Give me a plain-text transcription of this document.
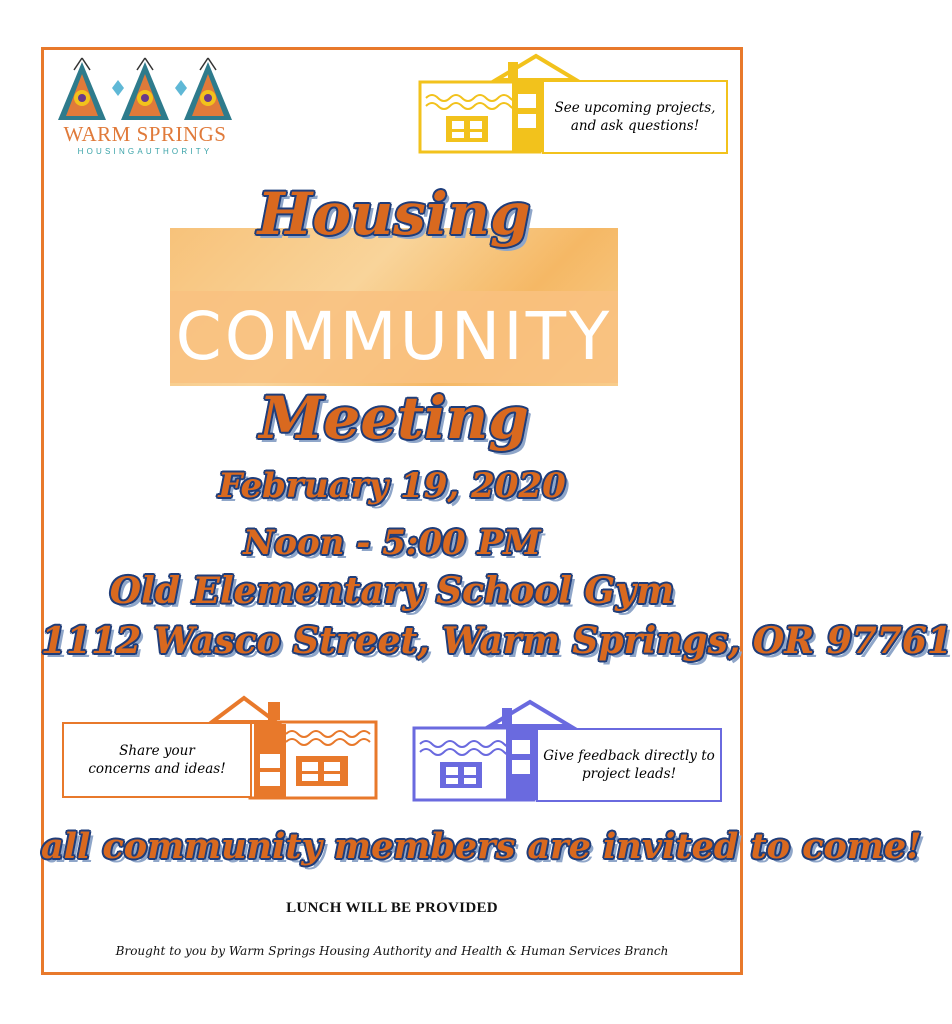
WARM SPRINGS
HOUSINGAUTHORITY
See upcoming projects,
and ask questions!
COMMUNITY
Housing
Meeting
February 19, 2020
Noon - 5:00 PM
Old Elementary School Gym
1112 Wasco Street, Warm Springs, OR 97761
Share your
concerns and ideas!
Give feedback directly to
project leads!
all community members are invited to come!
LUNCH WILL BE PROVIDED
Brought to you by Warm Springs Housing Authority and Health & Human Services Branch
